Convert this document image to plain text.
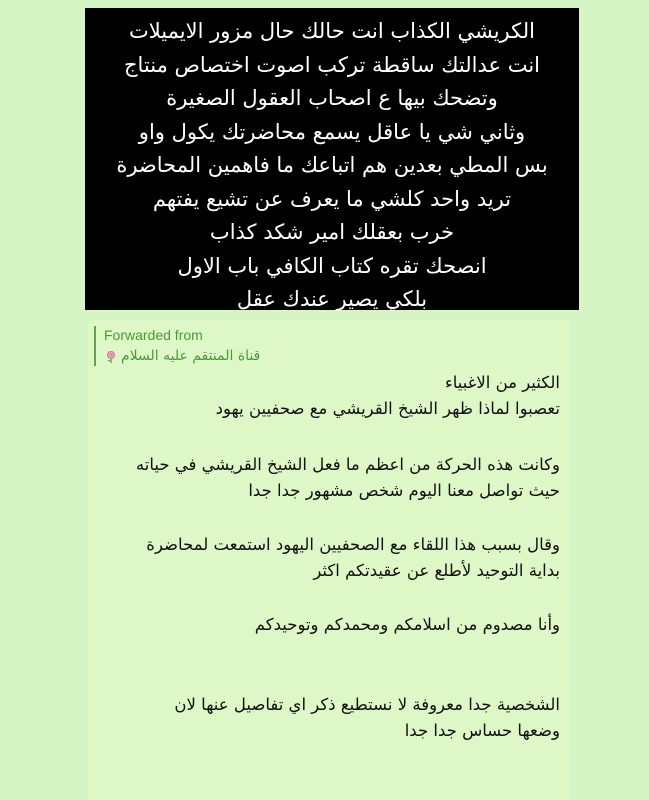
الكريشي الكذاب انت حالك حال مزور الايميلات
انت عدالتك ساقطة تركب اصوت اختصاص منتاج
وتضحك بيها ع اصحاب العقول الصغيرة
وثاني شي يا عاقل يسمع محاضرتك يكول واو
بس المطي بعدين هم اتباعك ما فاهمين المحاضرة
تريد واحد كلشي ما يعرف عن تشيع يفتهم
خرب بعقلك امير شكد كذاب
انصحك تقره كتاب الكافي باب الاول
بلكي يصير عندك عقل
Forwarded from
قناة المنتقم عليه السلام
الكثير من الاغبياء
تعصبوا لماذا ظهر الشيخ القريشي مع صحفيين يهود
وكانت هذه الحركة من اعظم ما فعل الشيخ القريشي في حياته
حيث تواصل معنا اليوم شخص مشهور جدا جدا
وقال بسبب هذا اللقاء مع الصحفيين اليهود استمعت لمحاضرة
بداية التوحيد لأطلع عن عقيدتكم اكثر
وأنا مصدوم من اسلامكم ومحمدكم وتوحيدكم
الشخصية جدا معروفة لا نستطيع ذكر اي تفاصيل عنها لان
وضعها حساس جدا جدا
